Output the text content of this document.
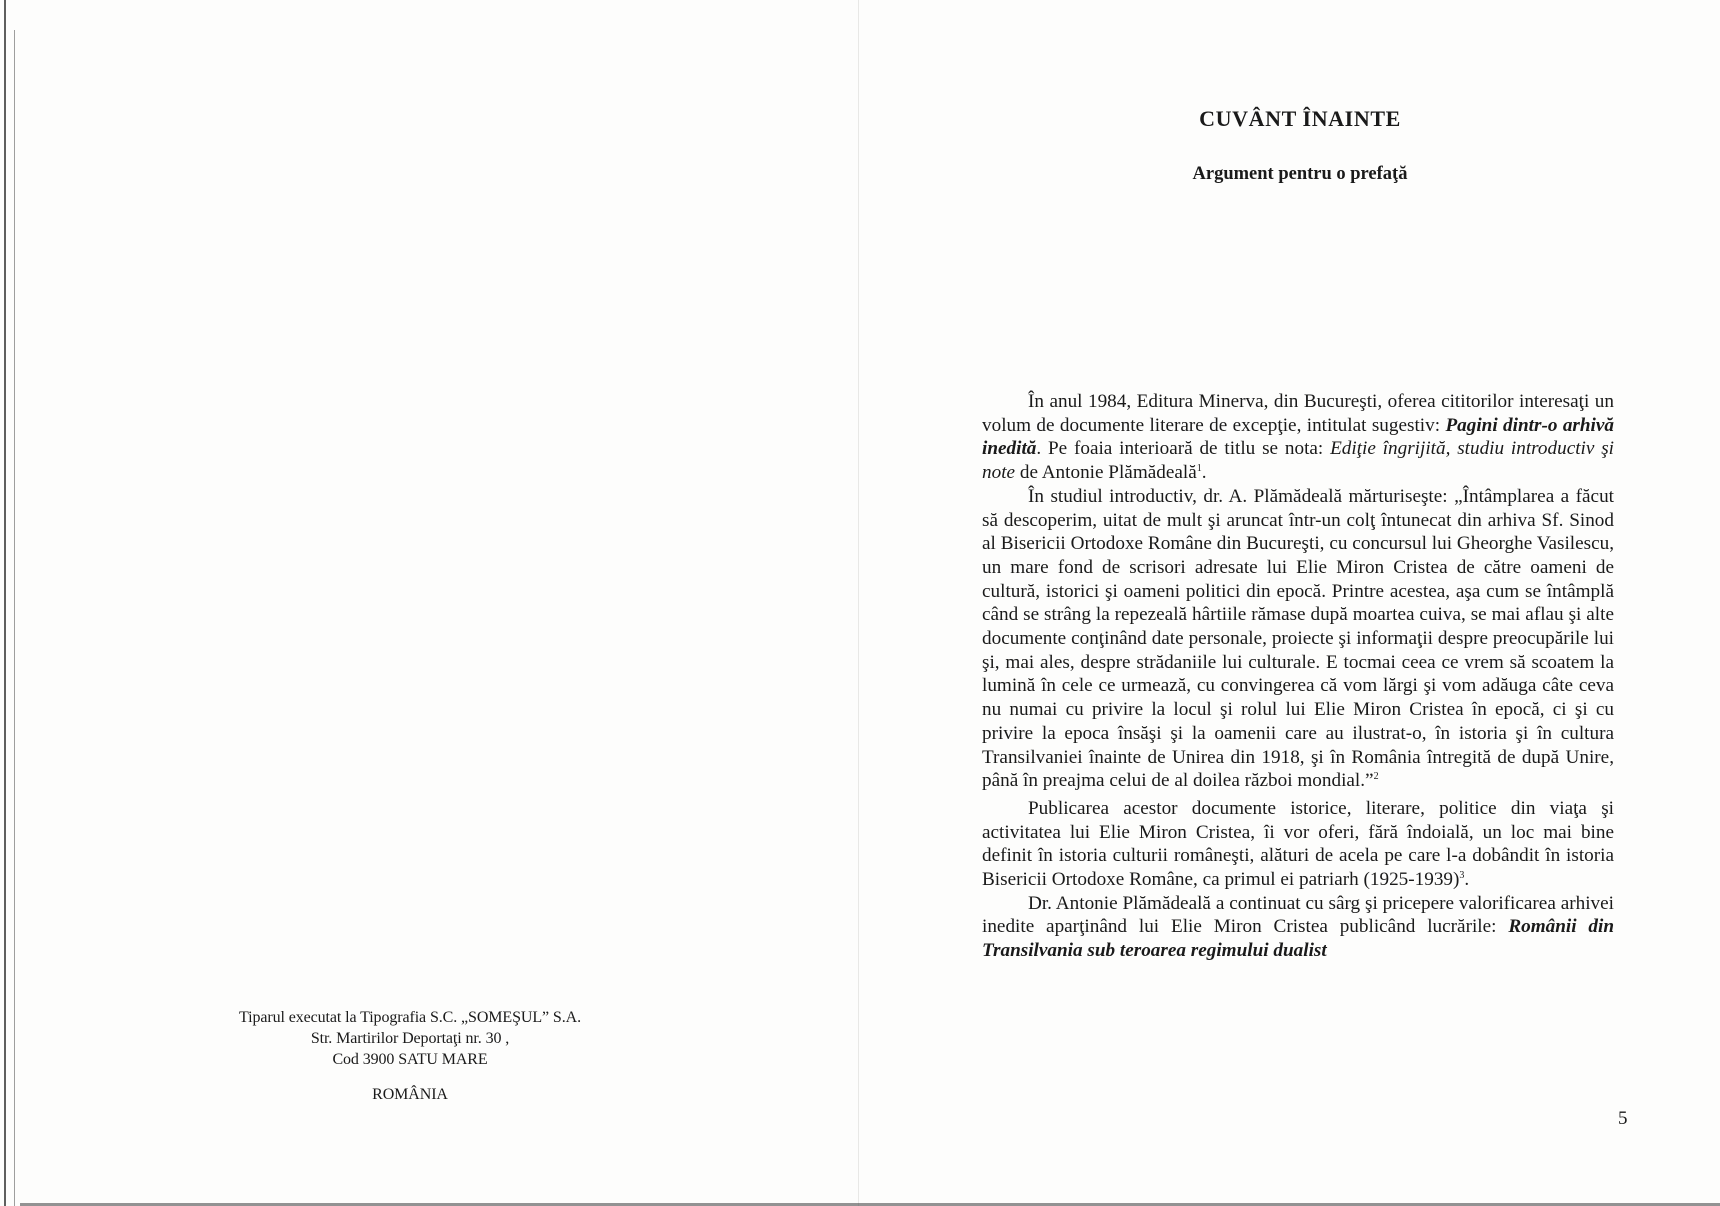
Tiparul executat la Tipografia S.C. „SOMEŞUL” S.A.
Str. Martirilor Deportaţi nr. 30 ,
Cod 3900 SATU MARE
ROMÂNIA
CUVÂNT ÎNAINTE
Argument pentru o prefaţă

În anul 1984, Editura Minerva, din Bucureşti, oferea cititorilor interesaţi un volum de documente literare de excepţie, intitulat sugestiv: Pagini dintr-o arhivă inedită. Pe foaia interioară de titlu se nota: Ediţie îngrijită, studiu introductiv şi note de Antonie Plămădeală$^1$.

În studiul introductiv, dr. A. Plămădeală mărturiseşte: „Întâmplarea a făcut să descoperim, uitat de mult şi aruncat într-un colţ întunecat din arhiva Sf. Sinod al Bisericii Ortodoxe Române din Bucureşti, cu concursul lui Gheorghe Vasilescu, un mare fond de scrisori adresate lui Elie Miron Cristea de către oameni de cultură, istorici şi oameni politici din epocă. Printre acestea, aşa cum se întâmplă când se strâng la repezeală hârtiile rămase după moartea cuiva, se mai aflau şi alte documente conţinând date personale, proiecte şi informaţii despre preocupările lui şi, mai ales, despre strădaniile lui culturale. E tocmai ceea ce vrem să scoatem la lumină în cele ce urmează, cu convingerea că vom lărgi şi vom adăuga câte ceva nu numai cu privire la locul şi rolul lui Elie Miron Cristea în epocă, ci şi cu privire la epoca însăşi şi la oamenii care au ilustrat-o, în istoria şi în cultura Transilvaniei înainte de Unirea din 1918, şi în România întregită de după Unire, până în preajma celui de al doilea război mondial.”$^2$

Publicarea acestor documente istorice, literare, politice din viaţa şi activitatea lui Elie Miron Cristea, îi vor oferi, fără îndoială, un loc mai bine definit în istoria culturii româneşti, alături de acela pe care l-a dobândit în istoria Bisericii Ortodoxe Române, ca primul ei patriarh (1925-1939)$^3$.

Dr. Antonie Plămădeală a continuat cu sârg şi pricepere valorificarea arhivei inedite aparţinând lui Elie Miron Cristea publicând lucrările: Românii din Transilvania sub teroarea regimului dualist

5
